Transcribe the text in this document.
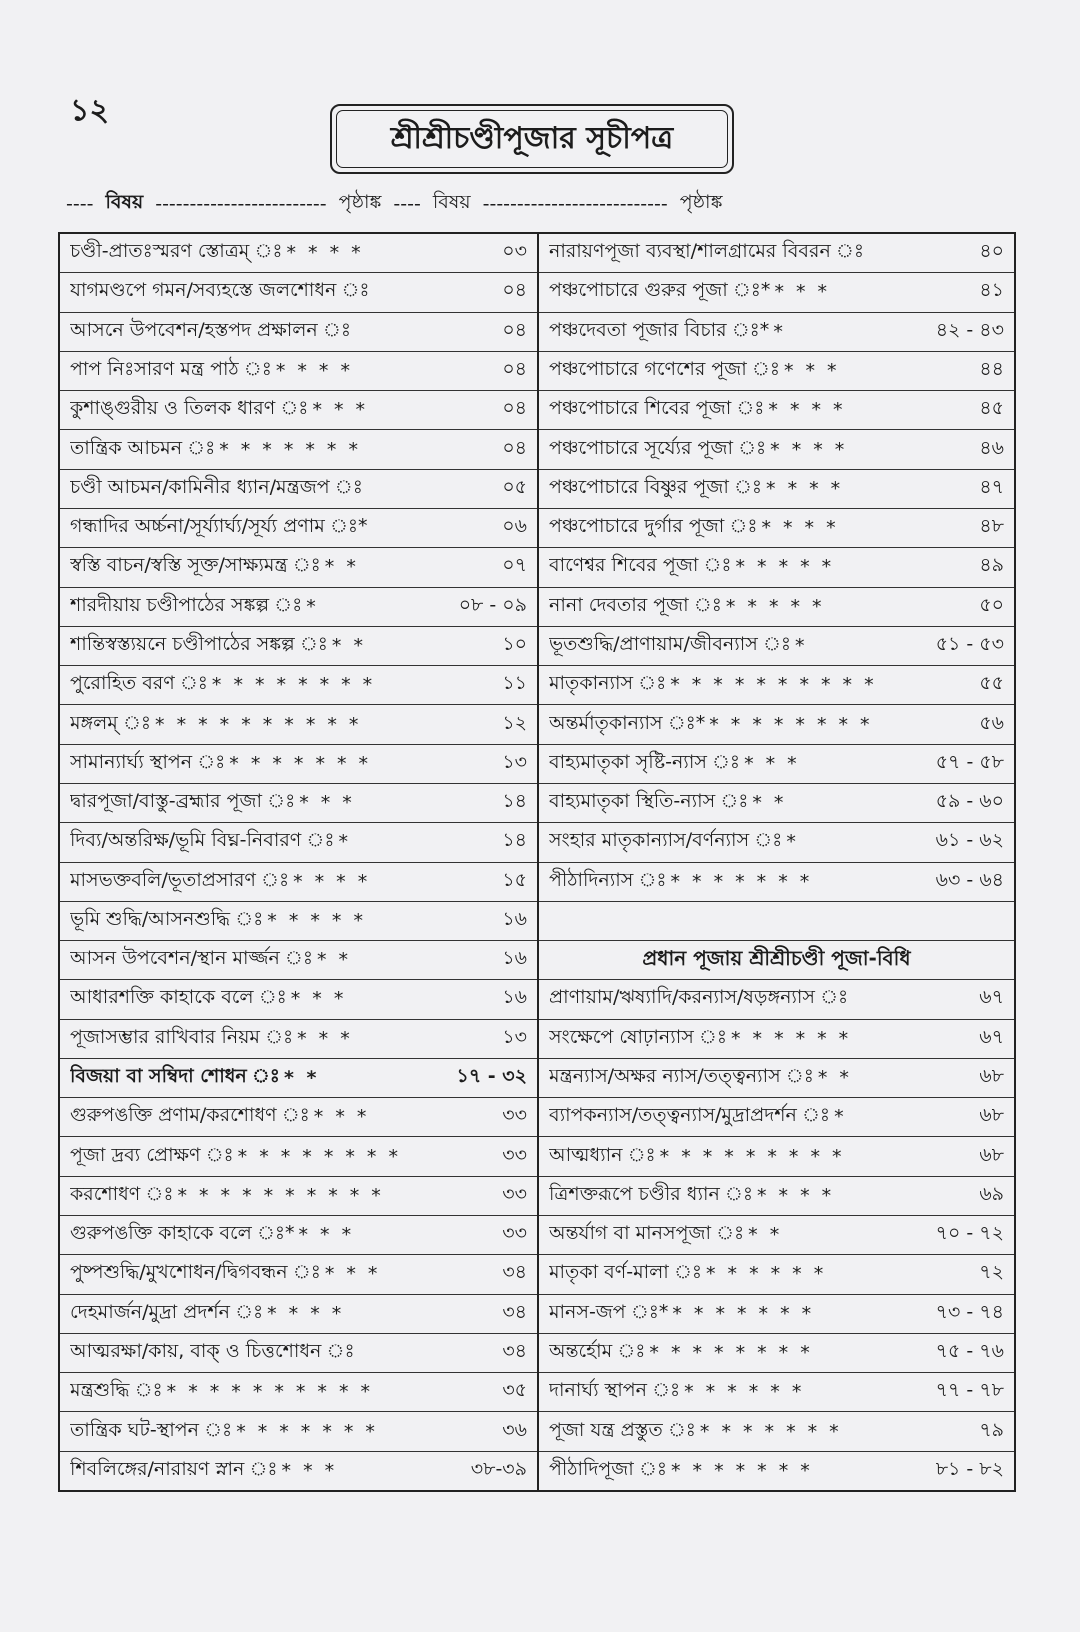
১২
শ্রীশ্রীচণ্ডীপূজার সূচীপত্র
---- বিষয় ------------------------- পৃষ্ঠাঙ্ক ---- বিষয় --------------------------- পৃষ্ঠাঙ্ক
চণ্ডী-প্রাতঃস্মরণ স্তোত্রম্ ঃ * * * *	০৩
যাগমণ্ডপে গমন/সব্যহস্তে জলশোধন ঃ	০৪
আসনে উপবেশন/হস্তপদ প্রক্ষালন ঃ	০৪
পাপ নিঃসারণ মন্ত্র পাঠ ঃ * * * *	০৪
কুশাঙ্গুরীয় ও তিলক ধারণ ঃ * * *	০৪
তান্ত্রিক আচমন ঃ * * * * * * *	০৪
চণ্ডী আচমন/কামিনীর ধ্যান/মন্ত্রজপ ঃ	০৫
গন্ধাদির অর্চ্চনা/সূর্য্যার্ঘ্য/সূর্য্য প্রণাম ঃ*	০৬
স্বস্তি বাচন/স্বস্তি সূক্ত/সাক্ষ্যমন্ত্র ঃ * *	০৭
শারদীয়ায় চণ্ডীপাঠের সঙ্কল্প ঃ *	০৮ - ০৯
শান্তিস্বস্ত্যয়নে চণ্ডীপাঠের সঙ্কল্প ঃ * *	১০
পুরোহিত বরণ ঃ * * * * * * * *	১১
মঙ্গলম্ ঃ * * * * * * * * * *	১২
সামান্যার্ঘ্য স্থাপন ঃ * * * * * * *	১৩
দ্বারপূজা/বাস্তু-ব্রহ্মার পূজা ঃ * * *	১৪
দিব্য/অন্তরিক্ষ/ভূমি বিঘ্ন-নিবারণ ঃ *	১৪
মাসভক্তবলি/ভূতাপ্রসারণ ঃ * * * *	১৫
ভূমি শুদ্ধি/আসনশুদ্ধি ঃ * * * * *	১৬
আসন উপবেশন/স্থান মার্জ্জন ঃ * *	১৬
আধারশক্তি কাহাকে বলে ঃ * * *	১৬
পূজাসম্ভার রাখিবার নিয়ম ঃ * * *	১৩
বিজয়া বা সম্বিদা শোধন ঃ * *	১৭ - ৩২
গুরুপঙক্তি প্রণাম/করশোধণ ঃ * * *	৩৩
পূজা দ্রব্য প্রোক্ষণ ঃ * * * * * * * *	৩৩
করশোধণ ঃ * * * * * * * * * *	৩৩
গুরুপঙক্তি কাহাকে বলে ঃ* * * *	৩৩
পুষ্পশুদ্ধি/মুখশোধন/দ্বিগবন্ধন ঃ * * *	৩৪
দেহমার্জন/মুদ্রা প্রদর্শন ঃ * * * *	৩৪
আত্মরক্ষা/কায়, বাক্ ও চিত্তশোধন ঃ	৩৪
মন্ত্রশুদ্ধি ঃ * * * * * * * * * *	৩৫
তান্ত্রিক ঘট-স্থাপন ঃ * * * * * * *	৩৬
শিবলিঙ্গের/নারায়ণ স্নান ঃ * * *	৩৮-৩৯
নারায়ণপূজা ব্যবস্থা/শালগ্রামের বিবরন ঃ	৪০
পঞ্চপোচারে গুরুর পূজা ঃ* * * *	৪১
পঞ্চদেবতা পূজার বিচার ঃ* *	৪২ - ৪৩
পঞ্চপোচারে গণেশের পূজা ঃ * * *	৪৪
পঞ্চপোচারে শিবের পূজা ঃ * * * *	৪৫
পঞ্চপোচারে সূর্য্যের পূজা ঃ * * * *	৪৬
পঞ্চপোচারে বিষ্ণুর পূজা ঃ * * * *	৪৭
পঞ্চপোচারে দুর্গার পূজা ঃ * * * *	৪৮
বাণেশ্বর শিবের পূজা ঃ * * * * *	৪৯
নানা দেবতার পূজা ঃ * * * * *	৫০
ভূতশুদ্ধি/প্রাণায়াম/জীবন্যাস ঃ *	৫১ - ৫৩
মাতৃকান্যাস ঃ * * * * * * * * * *	৫৫
অন্তর্মাতৃকান্যাস ঃ* * * * * * * * *	৫৬
বাহ্যমাতৃকা সৃষ্টি-ন্যাস ঃ * * *	৫৭ - ৫৮
বাহ্যমাতৃকা স্থিতি-ন্যাস ঃ * *	৫৯ - ৬০
সংহার মাতৃকান্যাস/বর্ণন্যাস ঃ *	৬১ - ৬২
পীঠাদিন্যাস ঃ * * * * * * *	৬৩ - ৬৪
প্রধান পূজায় শ্রীশ্রীচণ্ডী পূজা-বিধি
প্রাণায়াম/ঋষ্যাদি/করন্যাস/ষড়ঙ্গন্যাস ঃ	৬৭
সংক্ষেপে ষোঢ়ান্যাস ঃ * * * * * *	৬৭
মন্ত্রন্যাস/অক্ষর ন্যাস/তত্ত্বন্যাস ঃ * *	৬৮
ব্যাপকন্যাস/তত্ত্বন্যাস/মুদ্রাপ্রদর্শন ঃ *	৬৮
আত্মধ্যান ঃ * * * * * * * * *	৬৮
ত্রিশক্তরূপে চণ্ডীর ধ্যান ঃ * * * *	৬৯
অন্তর্যাগ বা মানসপূজা ঃ * *	৭০ - ৭২
মাতৃকা বর্ণ-মালা ঃ * * * * * *	৭২
মানস-জপ ঃ* * * * * * * *	৭৩ - ৭৪
অন্তর্হোম ঃ * * * * * * * *	৭৫ - ৭৬
দানার্ঘ্য স্থাপন ঃ * * * * * *	৭৭ - ৭৮
পূজা যন্ত্র প্রস্তুত ঃ * * * * * * *	৭৯
পীঠাদিপূজা ঃ * * * * * * *	৮১ - ৮২
